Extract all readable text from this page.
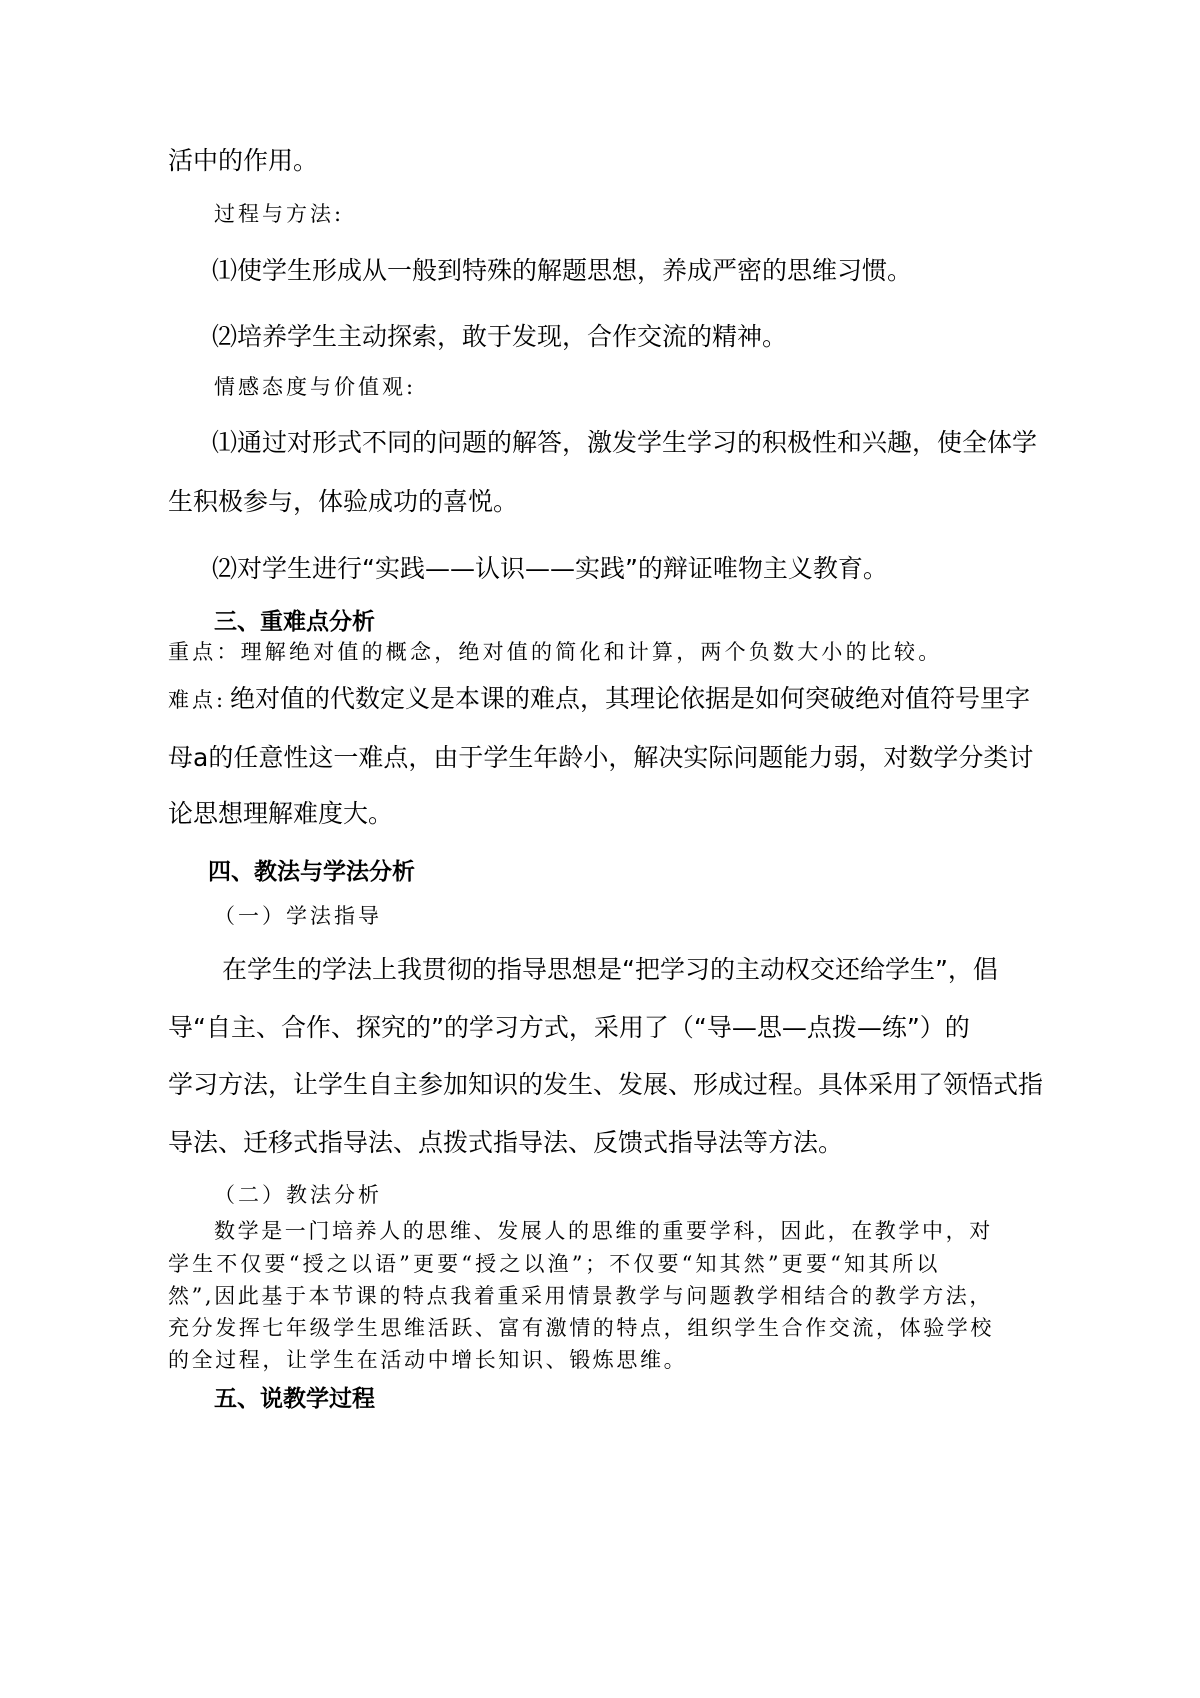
活中的作用。
过程与方法:
⑴使学生形成从一般到特殊的解题思想，养成严密的思维习惯。
⑵培养学生主动探索，敢于发现，合作交流的精神。
情感态度与价值观:
⑴通过对形式不同的问题的解答，激发学生学习的积极性和兴趣，使全体学
生积极参与，体验成功的喜悦。
⑵对学生进行“实践——认识——实践”的辩证唯物主义教育。
三、重难点分析
重点：理解绝对值的概念，绝对值的简化和计算，两个负数大小的比较。
难点: 绝对值的代数定义是本课的难点，其理论依据是如何突破绝对值符号里字
母a的任意性这一难点，由于学生年龄小，解决实际问题能力弱，对数学分类讨
论思想理解难度大。
四、教法与学法分析
（一）学法指导
在学生的学法上我贯彻的指导思想是“把学习的主动权交还给学生”，倡
导“自主、合作、探究的”的学习方式，采用了（“导—思—点拨—练”）的
学习方法，让学生自主参加知识的发生、发展、形成过程。具体采用了领悟式指
导法、迁移式指导法、点拨式指导法、反馈式指导法等方法。
（二）教法分析
数学是一门培养人的思维、发展人的思维的重要学科，因此，在教学中，对
学生不仅要“授之以语”更要“授之以渔”；不仅要“知其然”更要“知其所以
然”,因此基于本节课的特点我着重采用情景教学与问题教学相结合的教学方法，
充分发挥七年级学生思维活跃、富有激情的特点，组织学生合作交流，体验学校
的全过程，让学生在活动中增长知识、锻炼思维。
五、说教学过程
